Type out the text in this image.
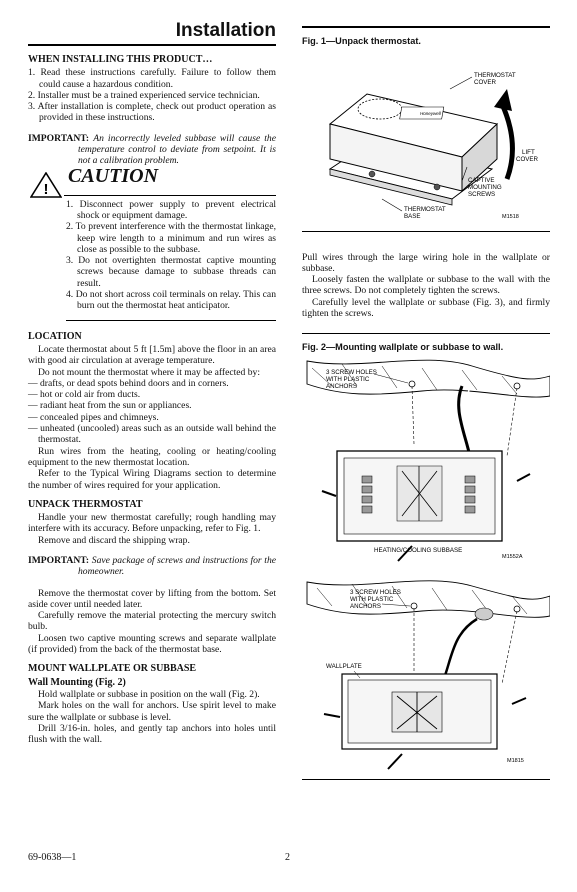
Installation
WHEN INSTALLING THIS PRODUCT…

1. Read these instructions carefully. Failure to follow them could cause a hazardous condition.

2. Installer must be a trained experienced service technician.

3. After installation is complete, check out product operation as provided in these instructions.

IMPORTANT: An incorrectly leveled subbase will cause the temperature control to deviate from setpoint. It is not a calibration problem.

!
CAUTION

1. Disconnect power supply to prevent electrical shock or equipment damage.

2. To prevent interference with the thermostat linkage, keep wire length to a minimum and run wires as close as possible to the subbase.

3. Do not overtighten thermostat captive mounting screws because damage to subbase threads can result.

4. Do not short across coil terminals on relay. This can burn out the thermostat heat anticipator.

LOCATION

Locate thermostat about 5 ft [1.5m] above the floor in an area with good air circulation at average temperature.

Do not mount the thermostat where it may be affected by:

— drafts, or dead spots behind doors and in corners.

— hot or cold air from ducts.

— radiant heat from the sun or appliances.

— concealed pipes and chimneys.

— unheated (uncooled) areas such as an outside wall behind the thermostat.

Run wires from the heating, cooling or heating/cooling equipment to the new thermostat location.

Refer to the Typical Wiring Diagrams section to determine the number of wires required for your application.

UNPACK THERMOSTAT

Handle your new thermostat carefully; rough handling may interfere with its accuracy. Before unpacking, refer to Fig. 1.

Remove and discard the shipping wrap.

IMPORTANT: Save package of screws and instructions for the homeowner.

Remove the thermostat cover by lifting from the bottom. Set aside cover until needed later.

Carefully remove the material protecting the mercury switch bulb.

Loosen two captive mounting screws and separate wallplate (if provided) from the back of the thermostat base.

MOUNT WALLPLATE OR SUBBASE
Wall Mounting (Fig. 2)

Hold wallplate or subbase in position on the wall (Fig. 2).

Mark holes on the wall for anchors. Use spirit level to make sure the wallplate or subbase is level.

Drill 3/16-in. holes, and gently tap anchors into holes until flush with the wall.

Fig. 1—Unpack thermostat.
Honeywell
THERMOSTAT
COVER
LIFT
COVER
CAPTIVE
MOUNTING
SCREWS
THERMOSTAT
BASE	M1518

Pull wires through the large wiring hole in the wallplate or subbase.

Loosely fasten the wallplate or subbase to the wall with the three screws. Do not completely tighten the screws.

Carefully level the wallplate or subbase (Fig. 3), and firmly tighten the screws.

Fig. 2—Mounting wallplate or subbase to wall.
3 SCREW HOLES
WITH PLASTIC
ANCHORS
HEATING/COOLING SUBBASE
M1552A

3 SCREW HOLES
WITH PLASTIC
ANCHORS
WALLPLATE
M1815
69-0638—1	2
